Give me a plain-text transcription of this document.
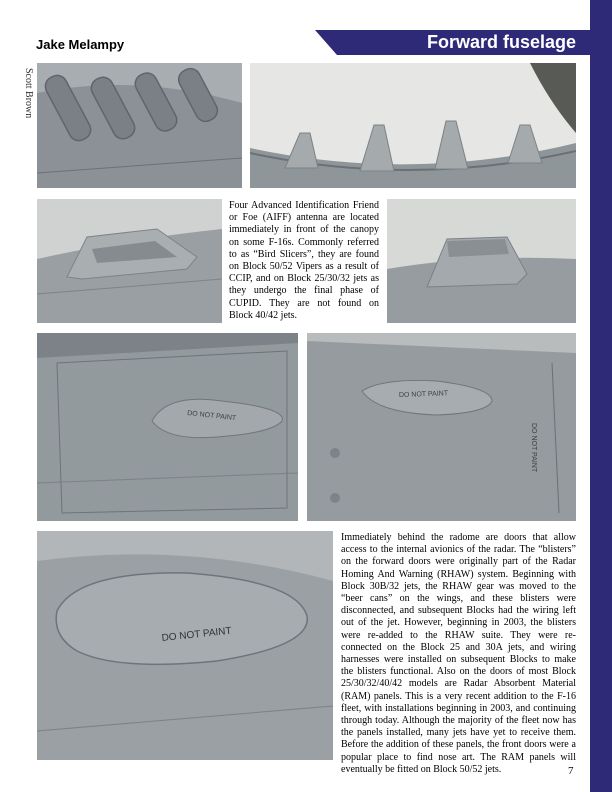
Jake Melampy	Forward fuselage
Scott Brown

Four Advanced Identification Friend or Foe (AIFF) antenna are located immediately in front of the canopy on some F-16s. Commonly referred to as “Bird Slicers”, they are found on Block 50/52 Vipers as a result of CCIP, and on Block 25/30/32 jets as they undergo the final phase of CUPID. They are not found on Block 40/42 jets.

DO NOT PAINT
DO NOT PAINT
DO NOT PAINT
DO NOT PAINT

Immediately behind the radome are doors that allow access to the internal avionics of the radar. The “blisters” on the forward doors were originally part of the Radar Homing And Warning (RHAW) system. Beginning with Block 30B/32 jets, the RHAW gear was moved to the “beer cans” on the wings, and these blisters were disconnected, and subsequent Blocks had the wiring left out of the jet. However, beginning in 2003, the blisters were re-added to the RHAW suite. They were re-connected on the Block 25 and 30A jets, and wiring harnesses were installed on subsequent Blocks to make the blisters functional. Also on the doors of most Block 25/30/32/40/42 models are Radar Absorbent Material (RAM) panels. This is a very recent addition to the F-16 fleet, with installations beginning in 2003, and continuing through today. Although the majority of the fleet now has the panels installed, many jets have yet to receive them. Before the addition of these panels, the front doors were a popular place to find nose art. The RAM panels will eventually be fitted on Block 50/52 jets.	7
